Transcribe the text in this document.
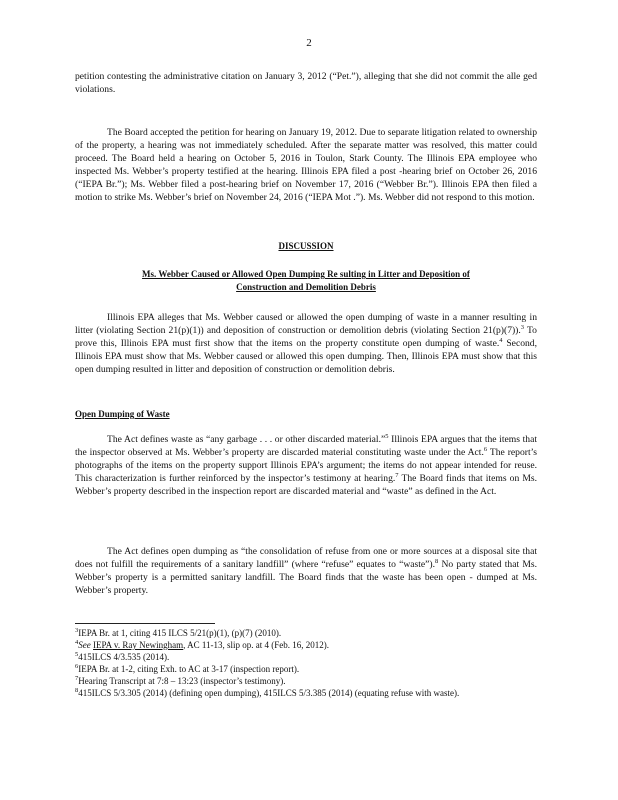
2

petition contesting the administrative citation on January 3, 2012 (“Pet.”), alleging that she did not commit the alle ged violations.

The Board accepted the petition for hearing on January 19, 2012. Due to separate litigation related to ownership of the property, a hearing was not immediately scheduled. After the separate matter was resolved, this matter could proceed. The Board held a hearing on October 5, 2016 in Toulon, Stark County. The Illinois EPA employee who inspected Ms. Webber’s property testified at the hearing. Illinois EPA filed a post -hearing brief on October 26, 2016 (“IEPA Br.”); Ms. Webber filed a post-hearing brief on November 17, 2016 (“Webber Br.”). Illinois EPA then filed a motion to strike Ms. Webber’s brief on November 24, 2016 (“IEPA Mot .”). Ms. Webber did not respond to this motion.

DISCUSSION
Ms. Webber Caused or Allowed Open Dumping Re sulting in Litter and Deposition of Construction and Demolition Debris

Illinois EPA alleges that Ms. Webber caused or allowed the open dumping of waste in a manner resulting in litter (violating Section 21(p)(1)) and deposition of construction or demolition debris (violating Section 21(p)(7)).$^3$ To prove this, Illinois EPA must first show that the items on the property constitute open dumping of waste.$^4$ Second, Illinois EPA must show that Ms. Webber caused or allowed this open dumping. Then, Illinois EPA must show that this open dumping resulted in litter and deposition of construction or demolition debris.

Open Dumping of Waste

The Act defines waste as “any garbage . . . or other discarded material.”$^5$ Illinois EPA argues that the items that the inspector observed at Ms. Webber’s property are discarded material constituting waste under the Act.$^6$ The report’s photographs of the items on the property support Illinois EPA’s argument; the items do not appear intended for reuse. This characterization is further reinforced by the inspector’s testimony at hearing.$^7$ The Board finds that items on Ms. Webber’s property described in the inspection report are discarded material and “waste” as defined in the Act.

The Act defines open dumping as “the consolidation of refuse from one or more sources at a disposal site that does not fulfill the requirements of a sanitary landfill” (where “refuse” equates to “waste”).$^8$ No party stated that Ms. Webber’s property is a permitted sanitary landfill. The Board finds that the waste has been open - dumped at Ms. Webber’s property.

$^3$IEPA Br. at 1, citing 415 ILCS 5/21(p)(1), (p)(7) (2010).

$^4$See IEPA v. Ray Newingham, AC 11-13, slip op. at 4 (Feb. 16, 2012).

$^5$415ILCS 4/3.535 (2014).

$^6$IEPA Br. at 1-2, citing Exh. to AC at 3-17 (inspection report).

$^7$Hearing Transcript at 7:8 – 13:23 (inspector’s testimony).

$^8$415ILCS 5/3.305 (2014) (defining open dumping), 415ILCS 5/3.385 (2014) (equating refuse with waste).
